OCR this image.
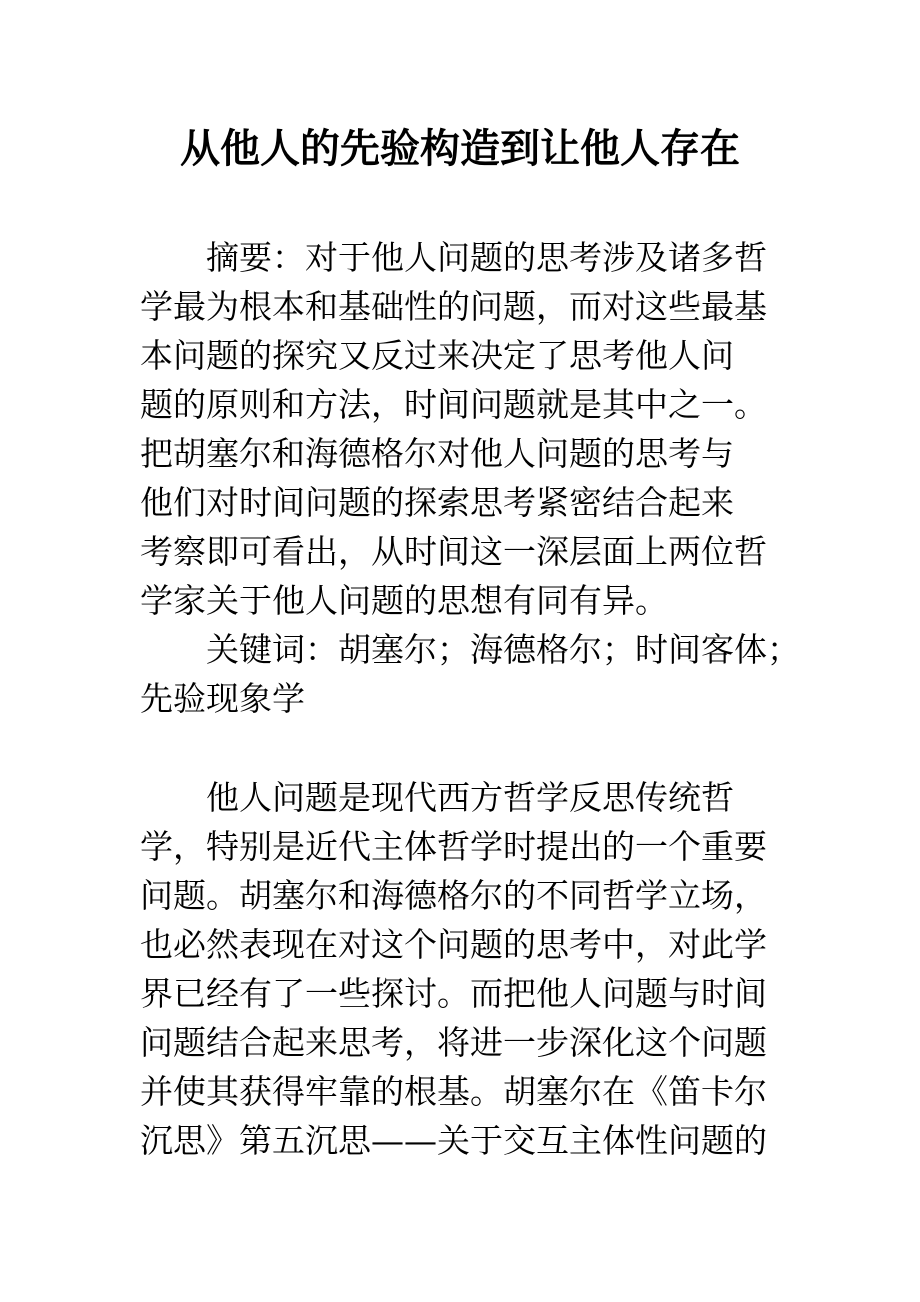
从他人的先验构造到让他人存在
摘要：对于他人问题的思考涉及诸多哲
学最为根本和基础性的问题，而对这些最基
本问题的探究又反过来决定了思考他人问
题的原则和方法，时间问题就是其中之一。
把胡塞尔和海德格尔对他人问题的思考与
他们对时间问题的探索思考紧密结合起来
考察即可看出，从时间这一深层面上两位哲
学家关于他人问题的思想有同有异。
关键词：胡塞尔；海德格尔；时间客体；
先验现象学
他人问题是现代西方哲学反思传统哲
学，特别是近代主体哲学时提出的一个重要
问题。胡塞尔和海德格尔的不同哲学立场，
也必然表现在对这个问题的思考中，对此学
界已经有了一些探讨。而把他人问题与时间
问题结合起来思考，将进一步深化这个问题
并使其获得牢靠的根基。胡塞尔在《笛卡尔
沉思》第五沉思——关于交互主体性问题的
